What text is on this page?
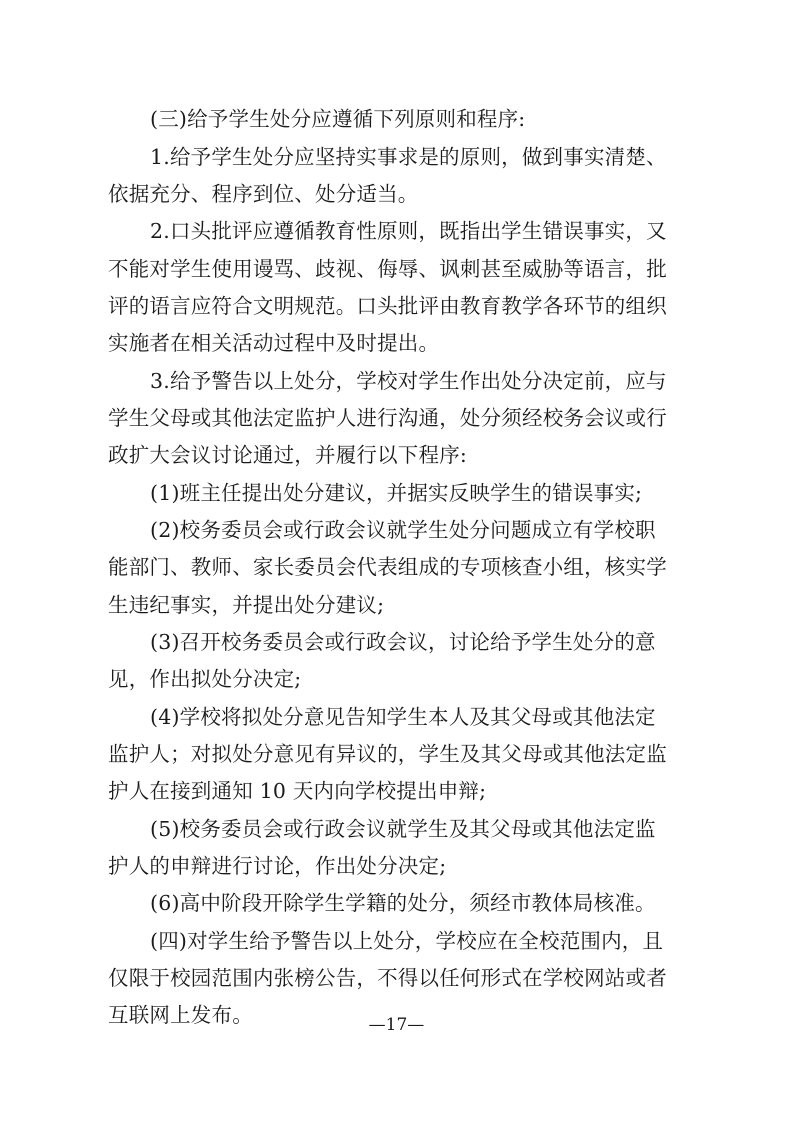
(三)给予学生处分应遵循下列原则和程序:
1.给予学生处分应坚持实事求是的原则，做到事实清楚、
依据充分、程序到位、处分适当。
2.口头批评应遵循教育性原则，既指出学生错误事实，又
不能对学生使用谩骂、歧视、侮辱、讽刺甚至威胁等语言，批
评的语言应符合文明规范。口头批评由教育教学各环节的组织
实施者在相关活动过程中及时提出。
3.给予警告以上处分，学校对学生作出处分决定前，应与
学生父母或其他法定监护人进行沟通，处分须经校务会议或行
政扩大会议讨论通过，并履行以下程序:
(1)班主任提出处分建议，并据实反映学生的错误事实;
(2)校务委员会或行政会议就学生处分问题成立有学校职
能部门、教师、家长委员会代表组成的专项核查小组，核实学
生违纪事实，并提出处分建议;
(3)召开校务委员会或行政会议，讨论给予学生处分的意
见，作出拟处分决定;
(4)学校将拟处分意见告知学生本人及其父母或其他法定
监护人；对拟处分意见有异议的，学生及其父母或其他法定监
护人在接到通知 10 天内向学校提出申辩;
(5)校务委员会或行政会议就学生及其父母或其他法定监
护人的申辩进行讨论，作出处分决定;
(6)高中阶段开除学生学籍的处分，须经市教体局核准。
(四)对学生给予警告以上处分，学校应在全校范围内，且
仅限于校园范围内张榜公告，不得以任何形式在学校网站或者
互联网上发布。	—17—
